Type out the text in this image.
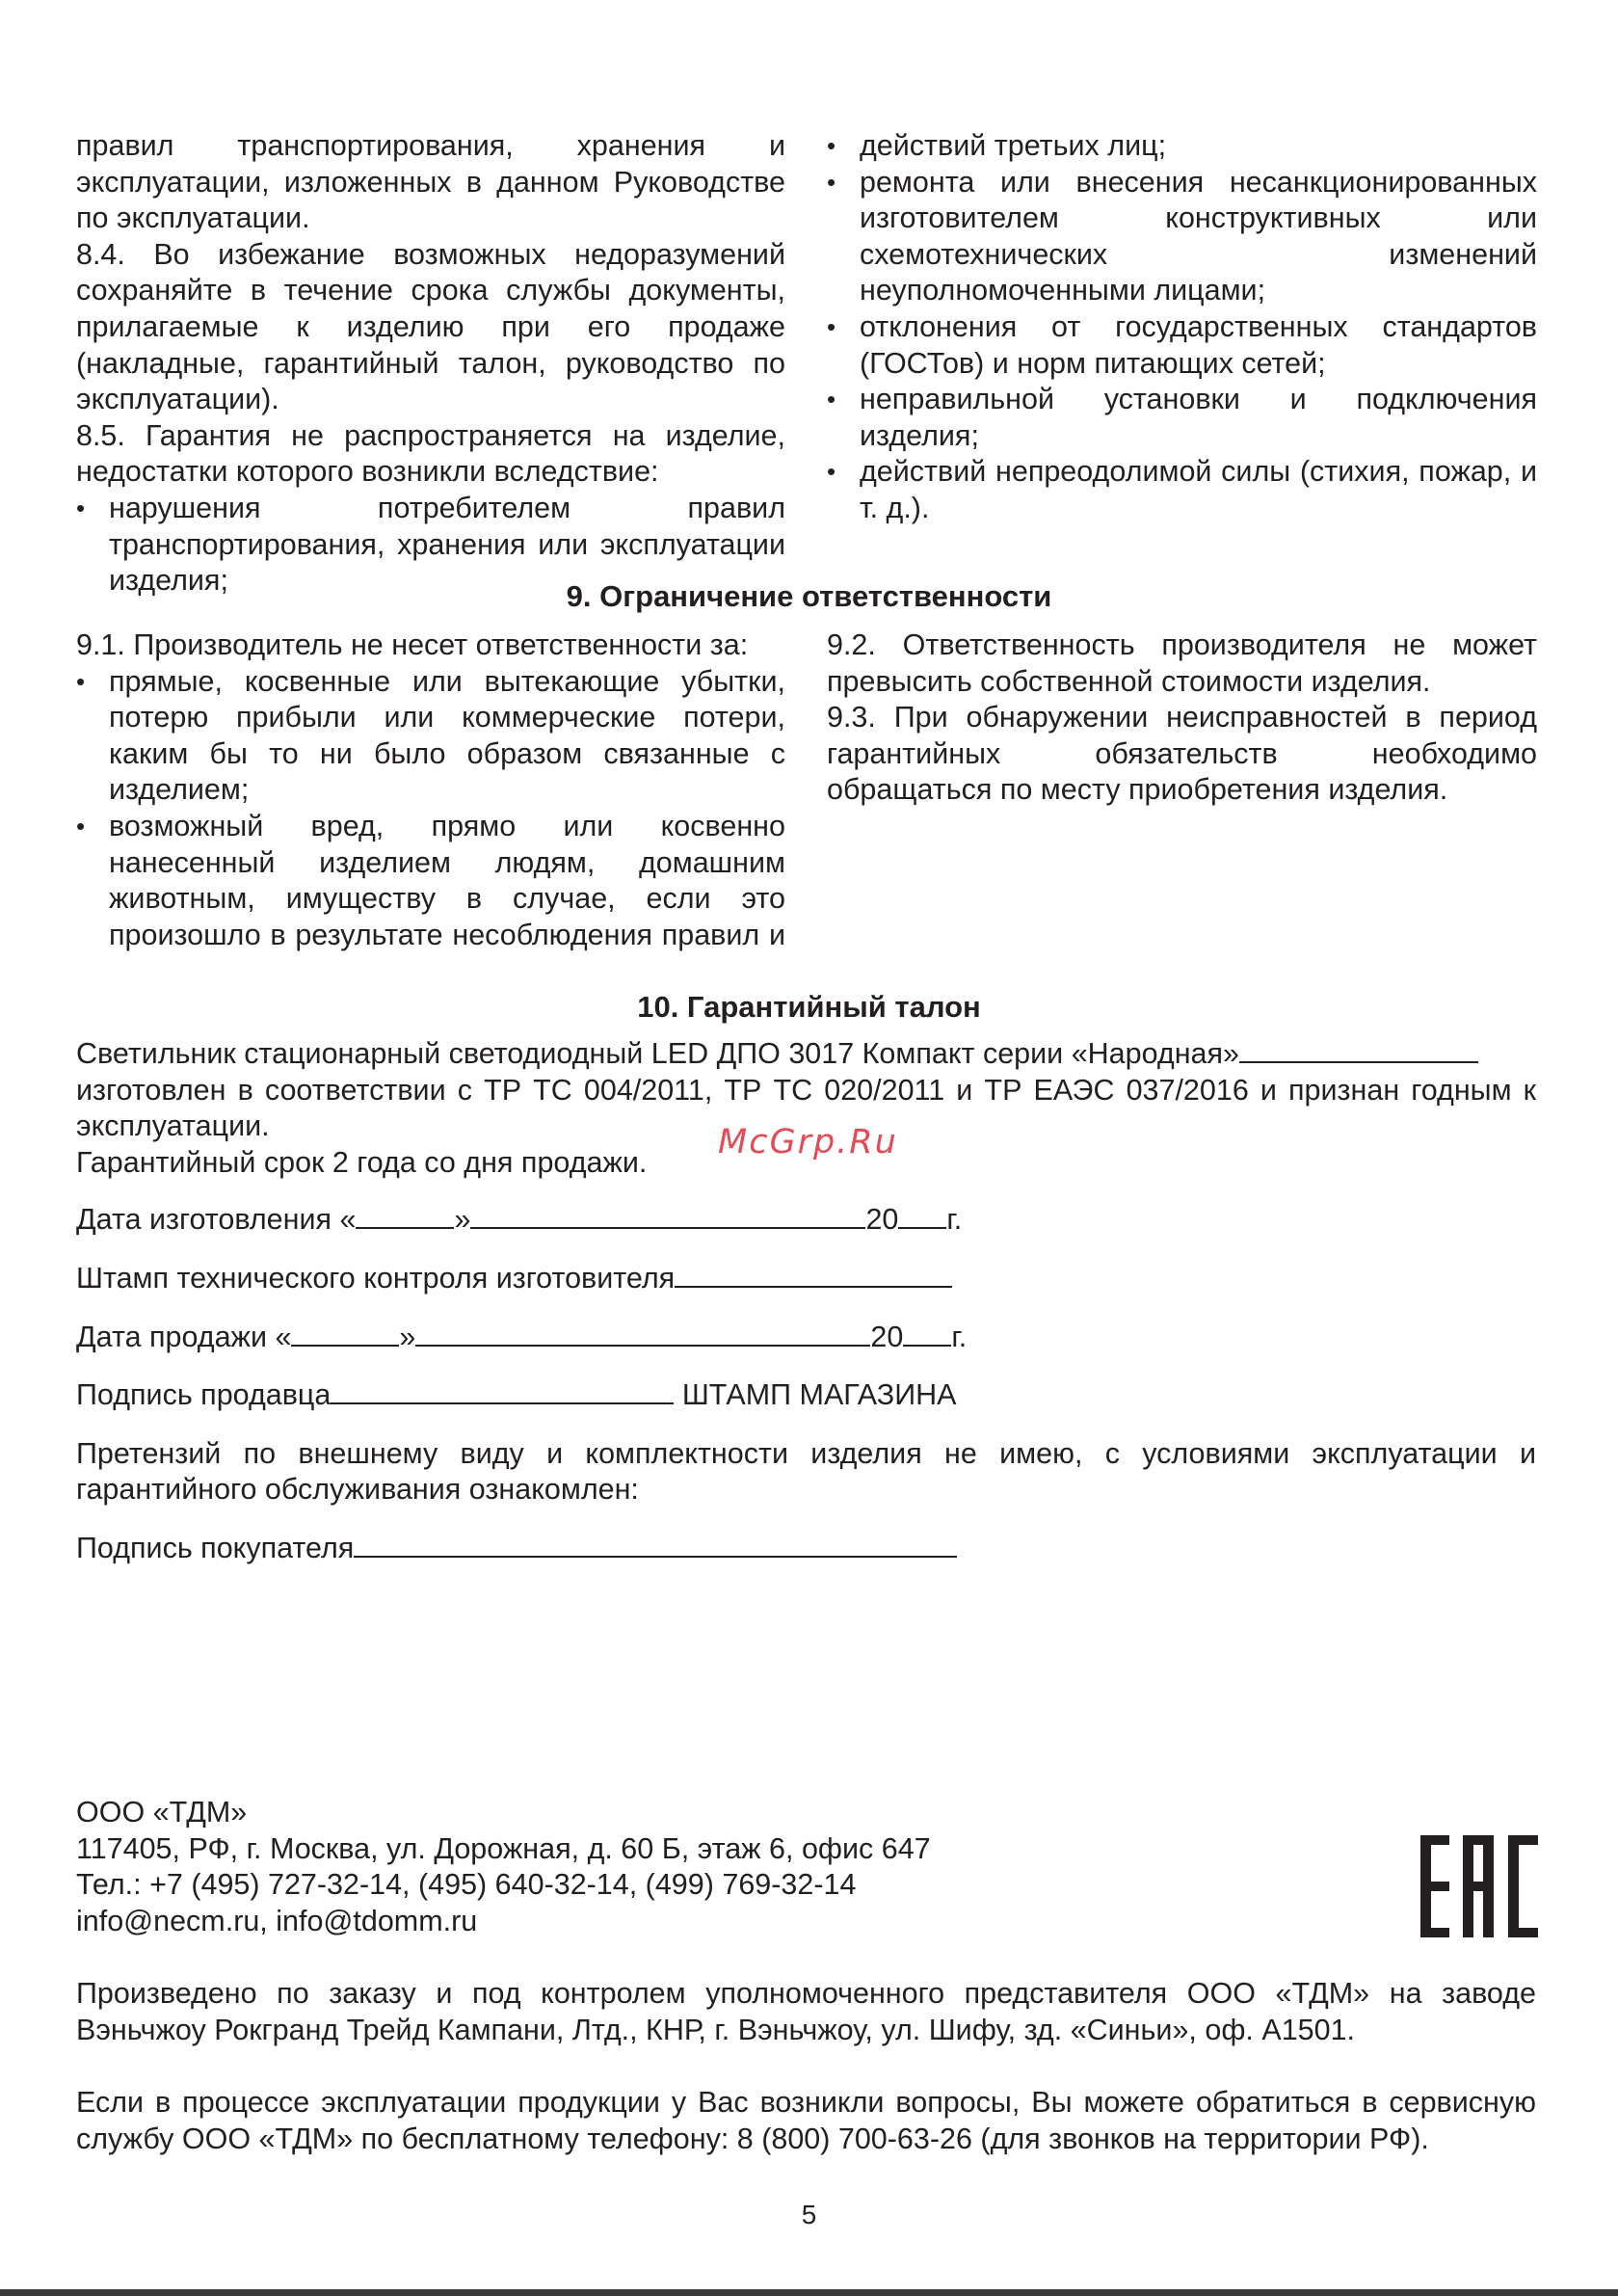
правил транспортирования, хранения и эксплуатации, изложенных в данном Руководстве по эксплуатации.

8.4. Во избежание возможных недоразумений сохраняйте в течение срока службы документы, прилагаемые к изделию при его продаже (накладные, гарантийный талон, руководство по эксплуатации).

8.5. Гарантия не распространяется на изделие, недостатки которого возникли вследствие:

• нарушения потребителем правил транспортирования, хранения или эксплуатации изделия;

• действий третьих лиц;

• ремонта или внесения несанкционированных изготовителем конструктивных или схемотехнических изменений неуполномоченными лицами;

• отклонения от государственных стандартов (ГОСТов) и норм питающих сетей;

• неправильной установки и подключения изделия;

• действий непреодолимой силы (стихия, пожар, и т. д.).

9. Ограничение ответственности

9.1. Производитель не несет ответственности за:

• прямые, косвенные или вытекающие убытки, потерю прибыли или коммерческие потери, каким бы то ни было образом связанные с изделием;

• возможный вред, прямо или косвенно нанесенный изделием людям, домашним животным, имуществу в случае, если это произошло в результате несоблюдения правил и

9.2. Ответственность производителя не может превысить собственной стоимости изделия.

9.3. При обнаружении неисправностей в период гарантийных обязательств необходимо обращаться по месту приобретения изделия.

10. Гарантийный талон

Светильник стационарный светодиодный LED ДПО 3017 Компакт серии «Народная»

изготовлен в соответствии с ТР ТС 004/2011, ТР ТС 020/2011 и ТР ЕАЭС 037/2016 и признан годным к эксплуатации.

Гарантийный срок 2 года со дня продажи.

Дата изготовления «	»	20 г.

Штамп технического контроля изготовителя

Дата продажи «	»	20 г.

Подпись продавца	ШТАМП МАГАЗИНА

Претензий по внешнему виду и комплектности изделия не имею, с условиями эксплуатации и гарантийного обслуживания ознакомлен:

Подпись покупателя

McGrp.Ru

ООО «ТДМ»

117405, РФ, г. Москва, ул. Дорожная, д. 60 Б, этаж 6, офис 647

Тел.: +7 (495) 727-32-14, (495) 640-32-14, (499) 769-32-14

info@necm.ru, info@tdomm.ru

Произведено по заказу и под контролем уполномоченного представителя ООО «ТДМ» на заводе Вэньчжоу Рокгранд Трейд Кампани, Лтд., КНР, г. Вэньчжоу, ул. Шифу, зд. «Синьи», оф. А1501.

Если в процессе эксплуатации продукции у Вас возникли вопросы, Вы можете обратиться в сервисную службу ООО «ТДМ» по бесплатному телефону: 8 (800) 700-63-26 (для звонков на территории РФ).

5
